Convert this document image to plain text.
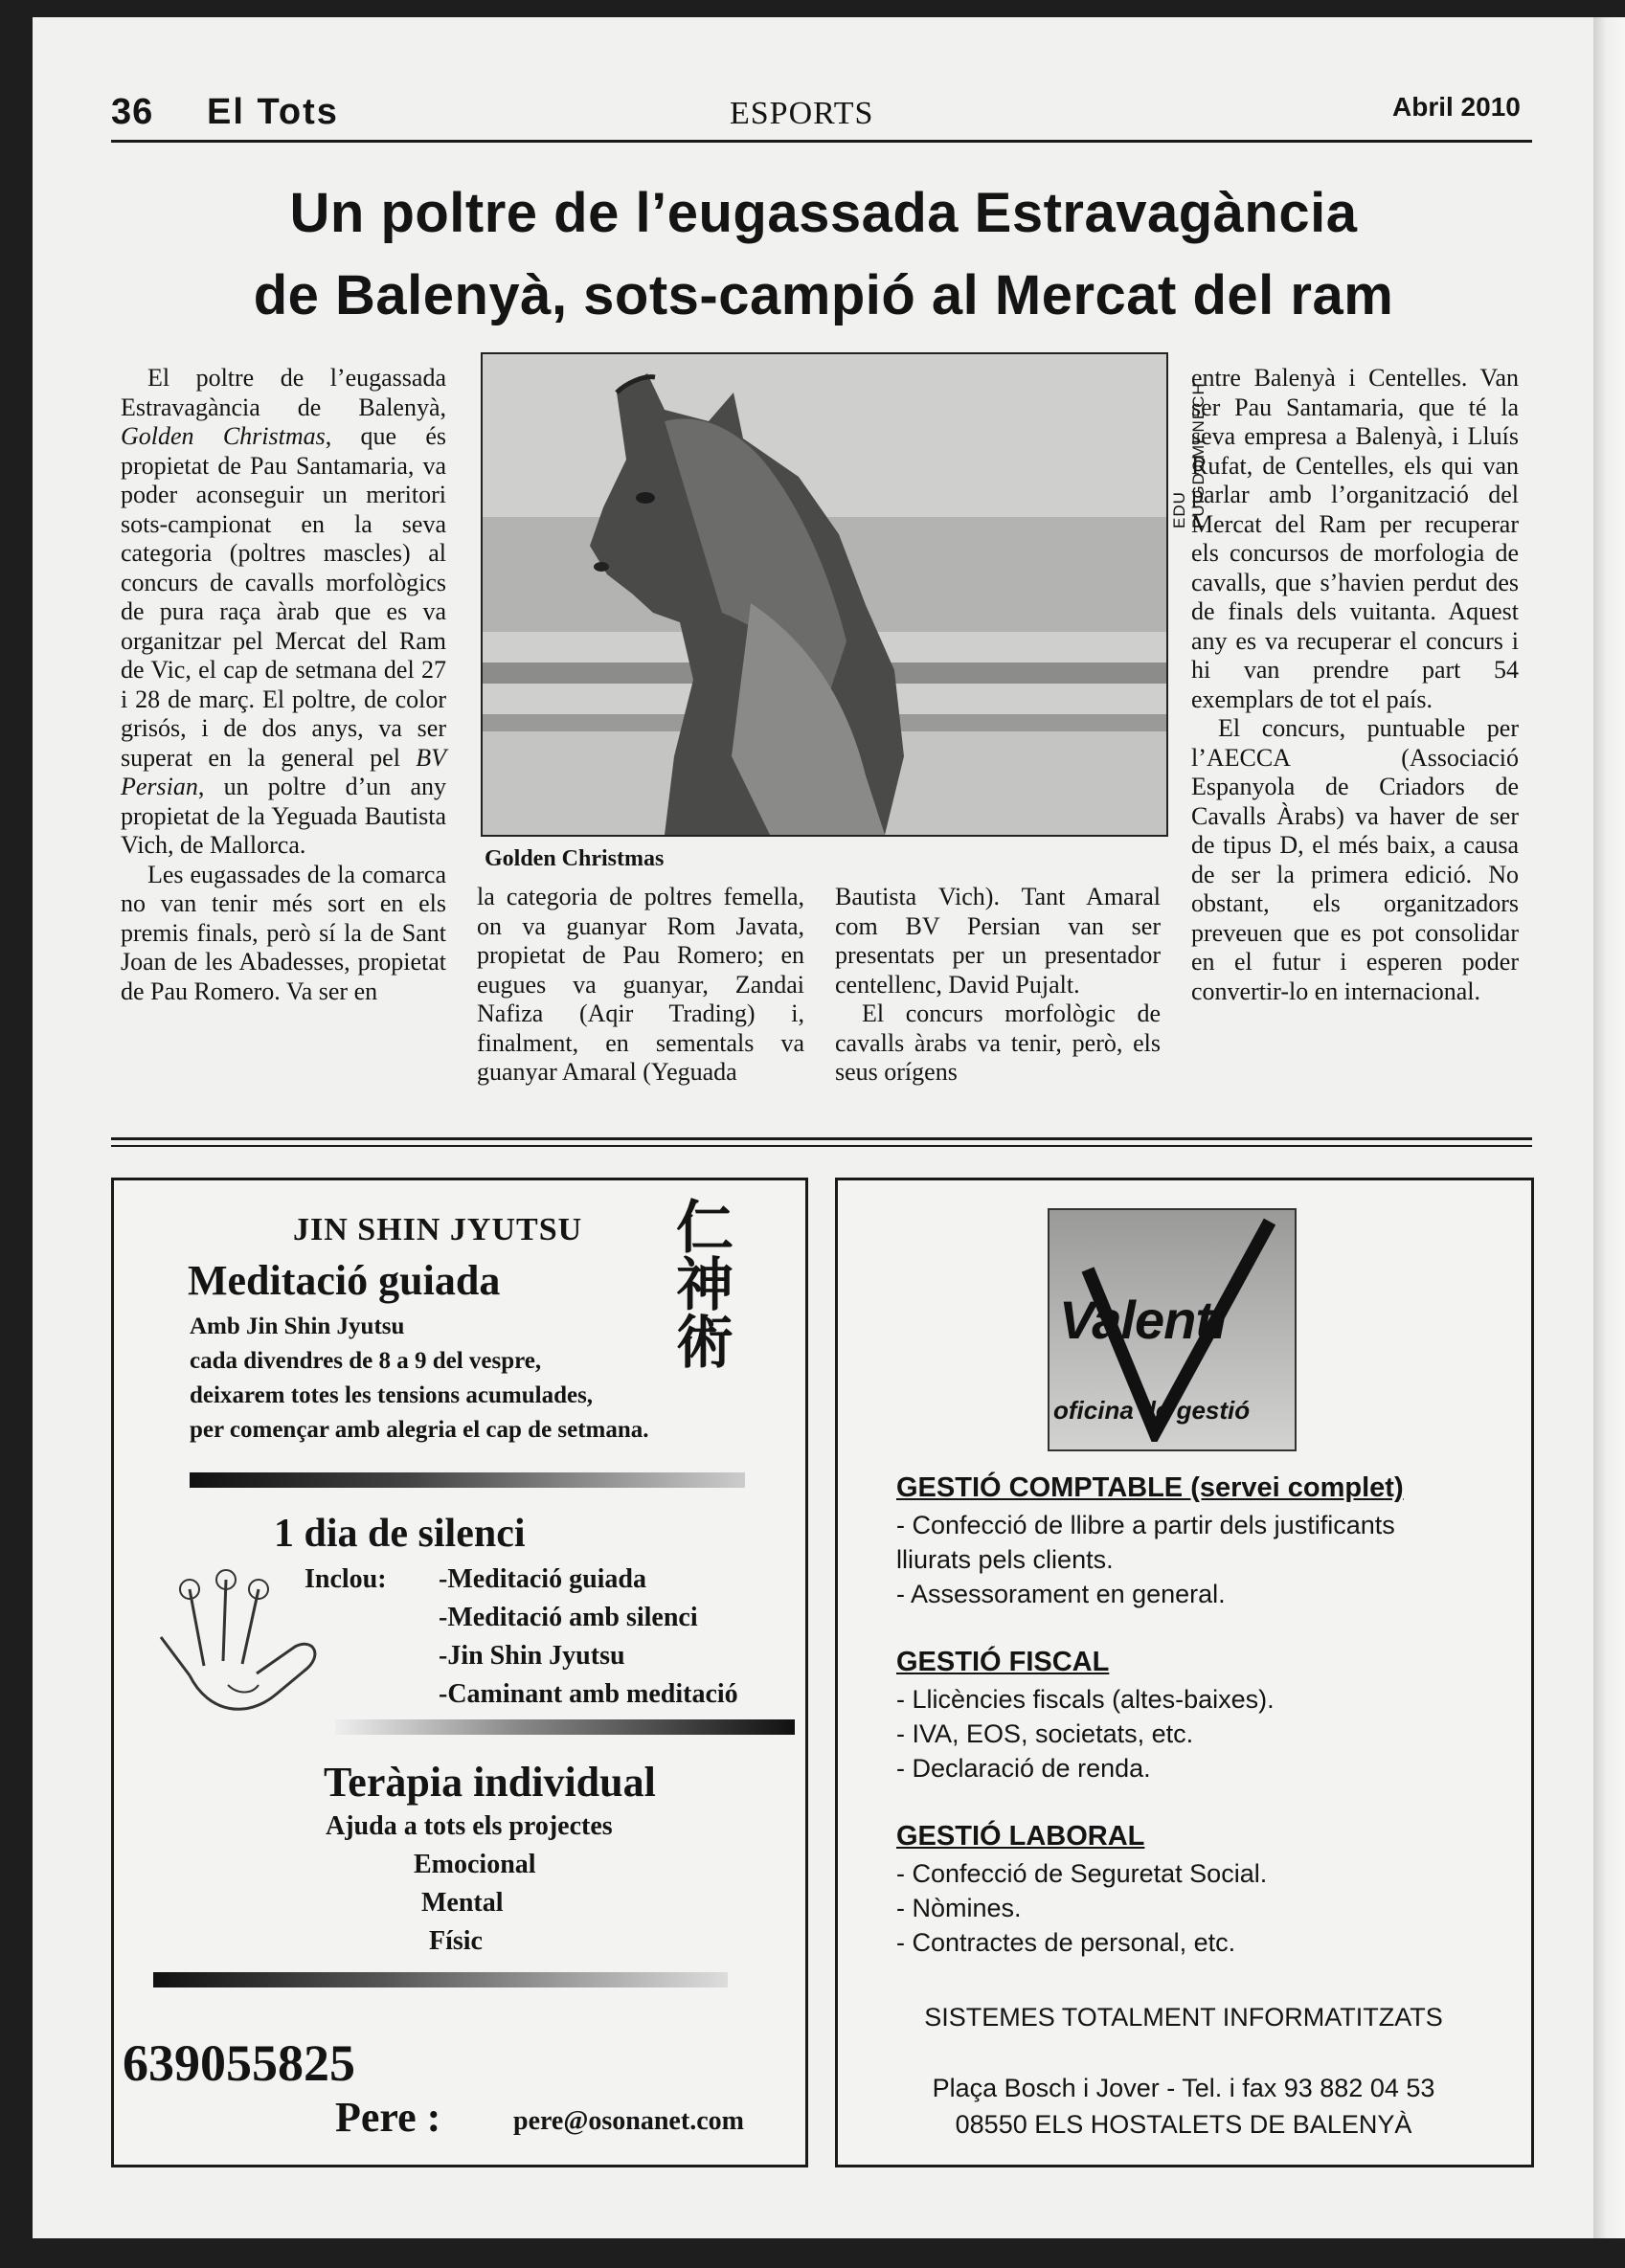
36 El Tots	ESPORTS	Abril 2010
Un poltre de l’eugassada Estravagància
de Balenyà, sots-campió al Mercat del ram

El poltre de l’eugassada Estravagància de Balenyà, Golden Christmas, que és propietat de Pau Santamaria, va poder aconseguir un meritori sots-campionat en la seva categoria (poltres mascles) al concurs de cavalls morfològics de pura raça àrab que es va organitzar pel Mercat del Ram de Vic, el cap de setmana del 27 i 28 de març. El poltre, de color grisós, i de dos anys, va ser superat en la general pel BV Persian, un poltre d’un any propietat de la Yeguada Bautista Vich, de Mallorca.

Les eugassades de la comarca no van tenir més sort en els premis finals, però sí la de Sant Joan de les Abadesses, propietat de Pau Romero. Va ser en

EDU PUIGDOMENECH
Golden Christmas

la categoria de poltres femella, on va guanyar Rom Javata, propietat de Pau Romero; en eugues va guanyar, Zandai Nafiza (Aqir Trading) i, finalment, en sementals va guanyar Amaral (Yeguada

Bautista Vich). Tant Amaral com BV Persian van ser presentats per un presentador centellenc, David Pujalt.

El concurs morfològic de cavalls àrabs va tenir, però, els seus orígens

entre Balenyà i Centelles. Van ser Pau Santamaria, que té la seva empresa a Balenyà, i Lluís Rufat, de Centelles, els qui van parlar amb l’organització del Mercat del Ram per recuperar els concursos de morfologia de cavalls, que s’havien perdut des de finals dels vuitanta. Aquest any es va recuperar el concurs i hi van prendre part 54 exemplars de tot el país.

El concurs, puntuable per l’AECCA (Associació Espanyola de Criadors de Cavalls Àrabs) va haver de ser de tipus D, el més baix, a causa de ser la primera edició. No obstant, els organitzadors preveuen que es pot consolidar en el futur i esperen poder convertir-lo en internacional.

JIN SHIN JYUTSU 仁神術
Meditació guiada
Amb Jin Shin Jyutsu
cada divendres de 8 a 9 del vespre,
deixarem totes les tensions acumulades,
per començar amb alegria el cap de setmana.
1 dia de silenci
Inclou: -Meditació guiada
-Meditació amb silenci
-Jin Shin Jyutsu
-Caminant amb meditació
Teràpia individual
Ajuda a tots els projectes
Emocional
Mental
Físic
639055825
Pere :	pere@osonanet.com
Valenti
oficina de gestió
GESTIÓ COMPTABLE (servei complet)
- Confecció de llibre a partir dels justificants
lliurats pels clients.
- Assessorament en general.
GESTIÓ FISCAL
- Llicències fiscals (altes-baixes).
- IVA, EOS, societats, etc.
- Declaració de renda.
GESTIÓ LABORAL
- Confecció de Seguretat Social.
- Nòmines.
- Contractes de personal, etc.
SISTEMES TOTALMENT INFORMATITZATS
Plaça Bosch i Jover - Tel. i fax 93 882 04 53
08550 ELS HOSTALETS DE BALENYÀ
